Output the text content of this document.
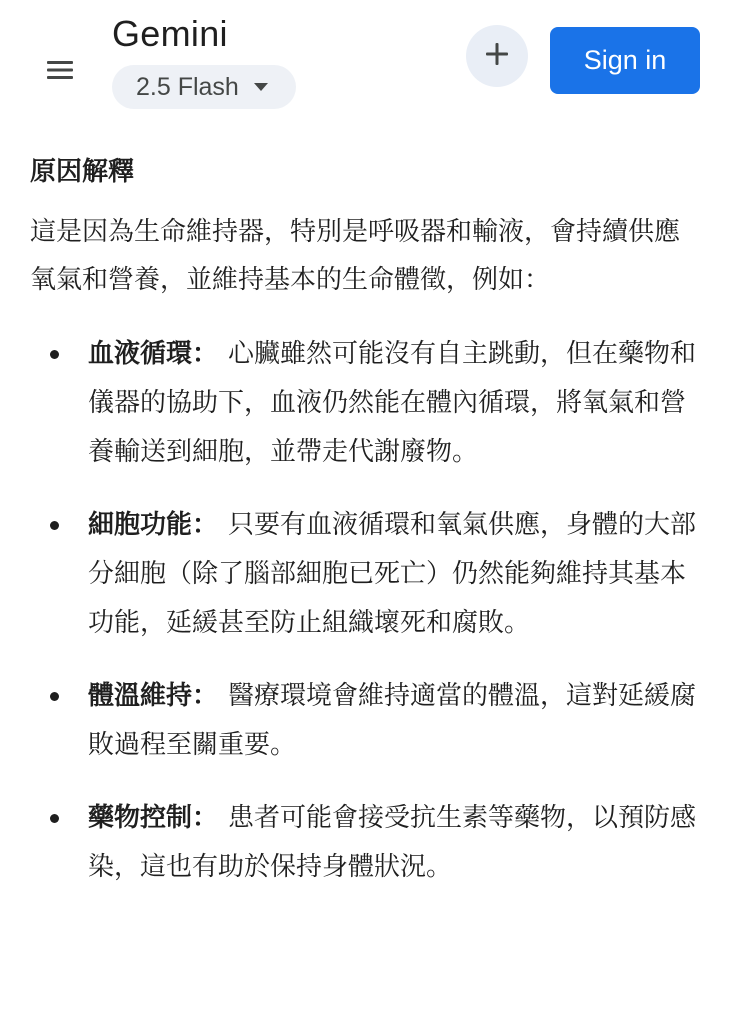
Gemini
2.5 Flash
Sign in
原因解釋

這是因為生命維持器，特別是呼吸器和輸液，會持續供應氧氣和營養，並維持基本的生命體徵，例如：

血液循環： 心臟雖然可能沒有自主跳動，但在藥物和儀器的協助下，血液仍然能在體內循環，將氧氣和營養輸送到細胞，並帶走代謝廢物。
細胞功能： 只要有血液循環和氧氣供應，身體的大部分細胞（除了腦部細胞已死亡）仍然能夠維持其基本功能，延緩甚至防止組織壞死和腐敗。
體溫維持： 醫療環境會維持適當的體溫，這對延緩腐敗過程至關重要。
藥物控制： 患者可能會接受抗生素等藥物，以預防感染，這也有助於保持身體狀況。
